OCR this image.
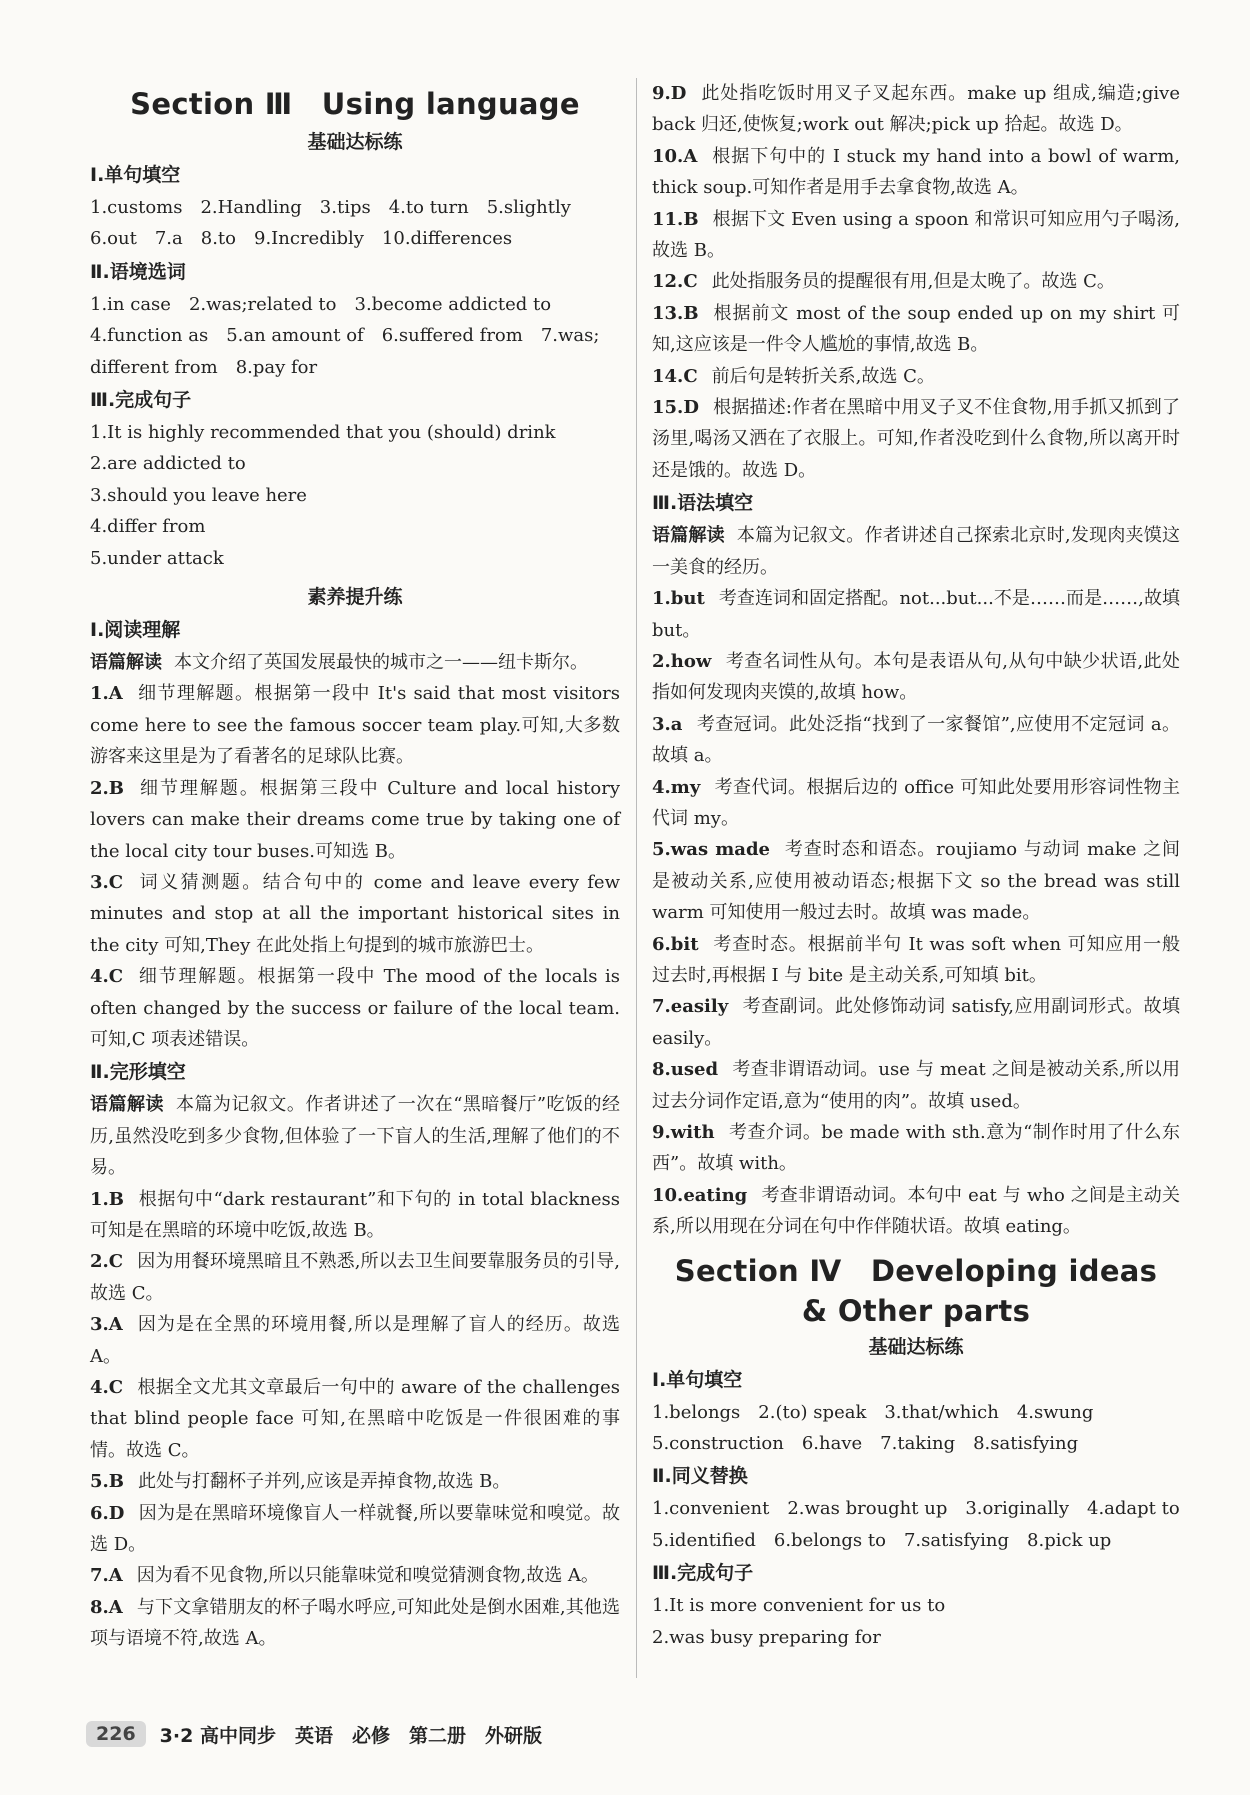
Section Ⅲ　Using language
基础达标练
Ⅰ.单句填空
1.customs　2.Handling　3.tips　4.to turn　5.slightly
6.out　7.a　8.to　9.Incredibly　10.differences
Ⅱ.语境选词
1.in case　2.was;related to　3.become addicted to
4.function as　5.an amount of　6.suffered from　7.was;
different from　8.pay for
Ⅲ.完成句子
1.It is highly recommended that you (should) drink
2.are addicted to
3.should you leave here
4.differ from
5.under attack
素养提升练
Ⅰ.阅读理解
语篇解读 本文介绍了英国发展最快的城市之一——纽卡斯尔。
1.A 细节理解题。根据第一段中 It's said that most visitors come here to see the famous soccer team play.可知,大多数游客来这里是为了看著名的足球队比赛。
2.B 细节理解题。根据第三段中 Culture and local history lovers can make their dreams come true by taking one of the local city tour buses.可知选 B。
3.C 词义猜测题。结合句中的 come and leave every few minutes and stop at all the important historical sites in the city 可知,They 在此处指上句提到的城市旅游巴士。
4.C 细节理解题。根据第一段中 The mood of the locals is often changed by the success or failure of the local team.可知,C 项表述错误。
Ⅱ.完形填空
语篇解读 本篇为记叙文。作者讲述了一次在“黑暗餐厅”吃饭的经历,虽然没吃到多少食物,但体验了一下盲人的生活,理解了他们的不易。
1.B 根据句中“dark restaurant”和下句的 in total blackness 可知是在黑暗的环境中吃饭,故选 B。
2.C 因为用餐环境黑暗且不熟悉,所以去卫生间要靠服务员的引导,故选 C。
3.A 因为是在全黑的环境用餐,所以是理解了盲人的经历。故选 A。
4.C 根据全文尤其文章最后一句中的 aware of the challenges that blind people face 可知,在黑暗中吃饭是一件很困难的事情。故选 C。
5.B 此处与打翻杯子并列,应该是弄掉食物,故选 B。
6.D 因为是在黑暗环境像盲人一样就餐,所以要靠味觉和嗅觉。故选 D。
7.A 因为看不见食物,所以只能靠味觉和嗅觉猜测食物,故选 A。
8.A 与下文拿错朋友的杯子喝水呼应,可知此处是倒水困难,其他选项与语境不符,故选 A。
9.D 此处指吃饭时用叉子叉起东西。make up 组成,编造;give back 归还,使恢复;work out 解决;pick up 拾起。故选 D。
10.A 根据下句中的 I stuck my hand into a bowl of warm, thick soup.可知作者是用手去拿食物,故选 A。
11.B 根据下文 Even using a spoon 和常识可知应用勺子喝汤,故选 B。
12.C 此处指服务员的提醒很有用,但是太晚了。故选 C。
13.B 根据前文 most of the soup ended up on my shirt 可知,这应该是一件令人尴尬的事情,故选 B。
14.C 前后句是转折关系,故选 C。
15.D 根据描述:作者在黑暗中用叉子叉不住食物,用手抓又抓到了汤里,喝汤又洒在了衣服上。可知,作者没吃到什么食物,所以离开时还是饿的。故选 D。
Ⅲ.语法填空
语篇解读 本篇为记叙文。作者讲述自己探索北京时,发现肉夹馍这一美食的经历。
1.but 考查连词和固定搭配。not...but...不是……而是……,故填 but。
2.how 考查名词性从句。本句是表语从句,从句中缺少状语,此处指如何发现肉夹馍的,故填 how。
3.a 考查冠词。此处泛指“找到了一家餐馆”,应使用不定冠词 a。故填 a。
4.my 考查代词。根据后边的 office 可知此处要用形容词性物主代词 my。
5.was made 考查时态和语态。roujiamo 与动词 make 之间是被动关系,应使用被动语态;根据下文 so the bread was still warm 可知使用一般过去时。故填 was made。
6.bit 考查时态。根据前半句 It was soft when 可知应用一般过去时,再根据 I 与 bite 是主动关系,可知填 bit。
7.easily 考查副词。此处修饰动词 satisfy,应用副词形式。故填 easily。
8.used 考查非谓语动词。use 与 meat 之间是被动关系,所以用过去分词作定语,意为“使用的肉”。故填 used。
9.with 考查介词。be made with sth.意为“制作时用了什么东西”。故填 with。
10.eating 考查非谓语动词。本句中 eat 与 who 之间是主动关系,所以用现在分词在句中作伴随状语。故填 eating。
Section Ⅳ　Developing ideas
& Other parts
基础达标练
Ⅰ.单句填空
1.belongs　2.(to) speak　3.that/which　4.swung
5.construction　6.have　7.taking　8.satisfying
Ⅱ.同义替换
1.convenient　2.was brought up　3.originally　4.adapt to
5.identified　6.belongs to　7.satisfying　8.pick up
Ⅲ.完成句子
1.It is more convenient for us to
2.was busy preparing for
226	3·2 高中同步　英语　必修　第二册　外研版
